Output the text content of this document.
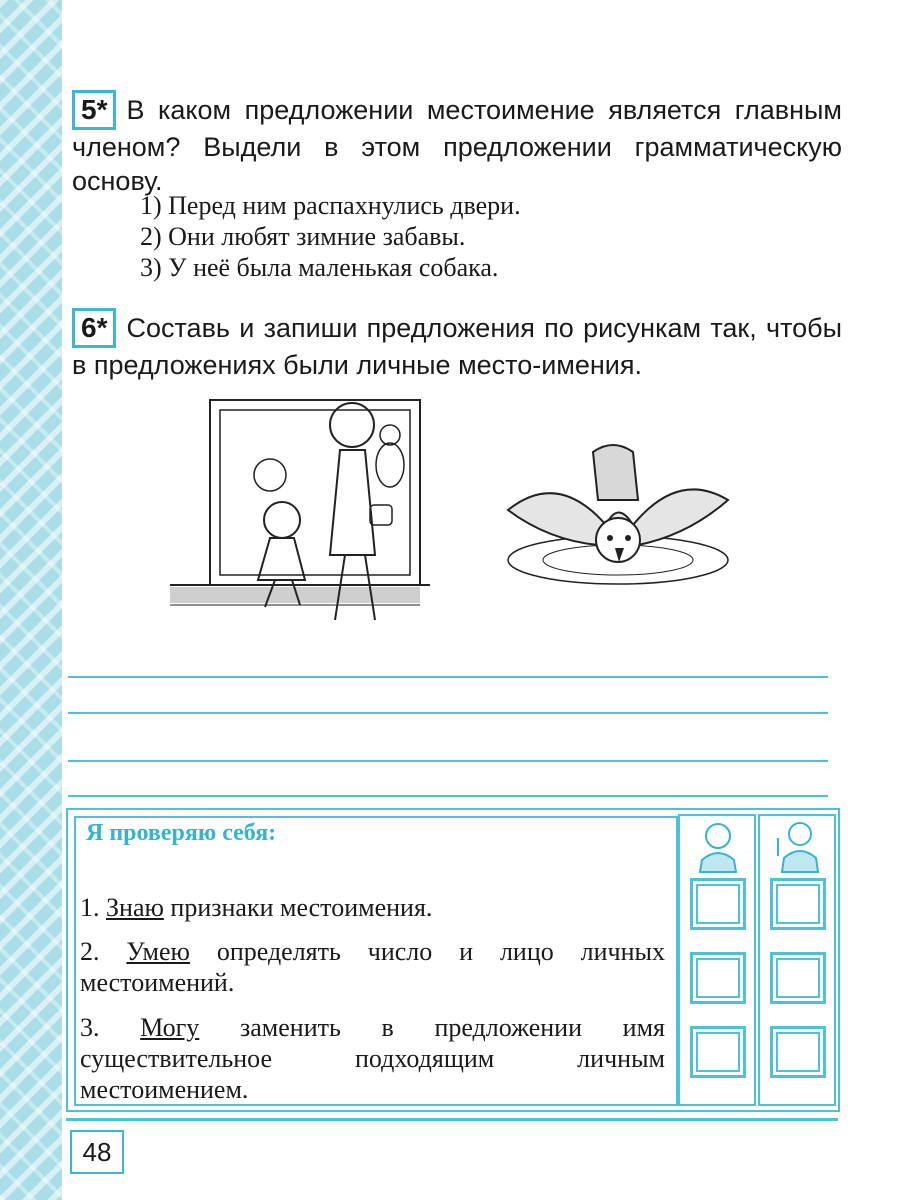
5* В каком предложении местоимение является главным членом? Выдели в этом предложении грамматическую основу.
1) Перед ним распахнулись двери.
2) Они любят зимние забавы.
3) У неё была маленькая собака.
6* Составь и запиши предложения по рисункам так, чтобы в предложениях были личные место-имения.
Я проверяю себя:
1. Знаю признаки местоимения.
2. Умею определять число и лицо личных местоимений.
3. Могу заменить в предложении имя существительное подходящим личным местоимением.
48
